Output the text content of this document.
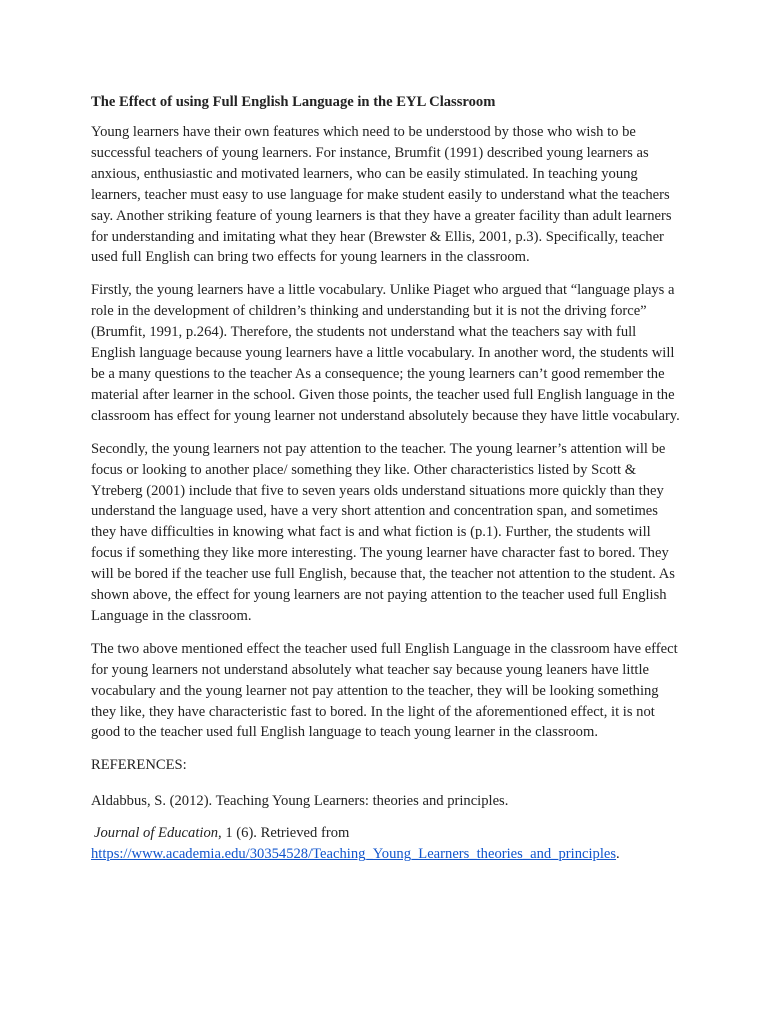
The Effect of using Full English Language in the EYL Classroom

Young learners have their own features which need to be understood by those who wish to be successful teachers of young learners. For instance, Brumfit (1991) described young learners as anxious, enthusiastic and motivated learners, who can be easily stimulated. In teaching young learners, teacher must easy to use language for make student easily to understand what the teachers say. Another striking feature of young learners is that they have a greater facility than adult learners for understanding and imitating what they hear (Brewster & Ellis, 2001, p.3). Specifically, teacher used full English can bring two effects for young learners in the classroom.

Firstly, the young learners have a little vocabulary. Unlike Piaget who argued that “language plays a role in the development of children’s thinking and understanding but it is not the driving force” (Brumfit, 1991, p.264). Therefore, the students not understand what the teachers say with full English language because young learners have a little vocabulary. In another word, the students will be a many questions to the teacher As a consequence; the young learners can’t good remember the material after learner in the school. Given those points, the teacher used full English language in the classroom has effect for young learner not understand absolutely because they have little vocabulary.

Secondly, the young learners not pay attention to the teacher. The young learner’s attention will be focus or looking to another place/ something they like. Other characteristics listed by Scott & Ytreberg (2001) include that five to seven years olds understand situations more quickly than they understand the language used, have a very short attention and concentration span, and sometimes they have difficulties in knowing what fact is and what fiction is (p.1). Further, the students will focus if something they like more interesting. The young learner have character fast to bored. They will be bored if the teacher use full English, because that, the teacher not attention to the student. As shown above, the effect for young learners are not paying attention to the teacher used full English Language in the classroom.

The two above mentioned effect the teacher used full English Language in the classroom have effect for young learners not understand absolutely what teacher say because young leaners have little vocabulary and the young learner not pay attention to the teacher, they will be looking something they like, they have characteristic fast to bored. In the light of the aforementioned effect, it is not good to the teacher used full English language to teach young learner in the classroom.

REFERENCES:

Aldabbus, S. (2012). Teaching Young Learners: theories and principles.

Journal of Education, 1 (6). Retrieved from
https://www.academia.edu/30354528/Teaching_Young_Learners_theories_and_principles.
